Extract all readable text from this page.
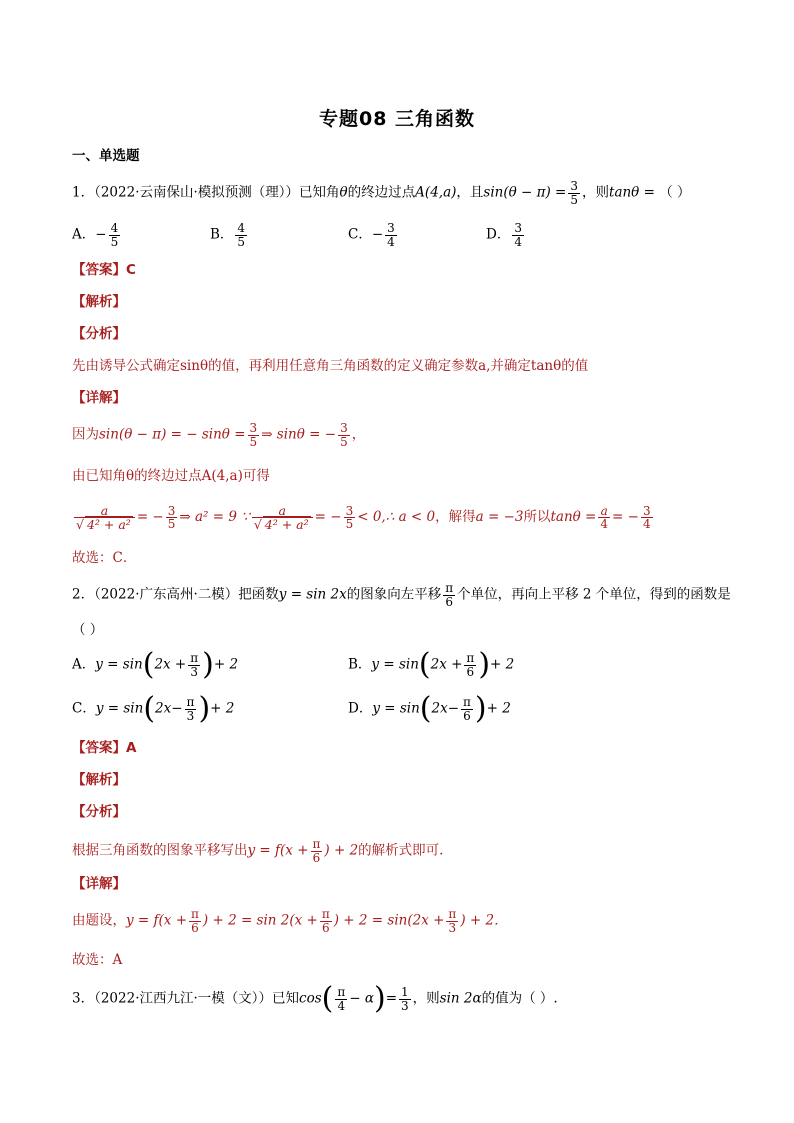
专题08 三角函数
一、单选题
1．（2022·云南保山·模拟预测（理））已知角θ的终边过点A(4,a)，且$\sin(\theta - \pi) = \frac{3}{5}$ ，则tanθ = （ ）
A．− $\frac{4}{5}$	B． $\frac{4}{5}$	C．− $\frac{3}{4}$	D． $\frac{3}{4}$
【答案】C
【解析】
【分析】
先由诱导公式确定sinθ的值，再利用任意角三角函数的定义确定参数a,并确定tanθ的值
【详解】
因为sin(θ − π) = − $\sin\theta = \frac{3}{5}$ ⇒ sinθ = − $\frac{3}{5}$ ，
由已知角θ的终边过点A(4,a)可得
$\frac{a}{\text{√ 4² + a²}}$ = − $\frac{3}{5}$ ⇒ a² = 9 ∵ $\frac{a}{\text{√ 4² + a²}}$ = − $\frac{3}{5}$ < 0,∴ a < 0，解得a = −3所以$\tan\theta = \frac{a}{4}$ = − $\frac{3}{4}$
故选：C．
2．（2022·广东高州·二模）把函数y = sin 2x的图象向左平移 $\frac{\pi}{6}$ 个单位，再向上平移 2 个单位，得到的函数是
（ ）
A．$y = \sin(2x + \frac{\pi}{3}$ )+ 2	B．$y = \sin(2x + \frac{\pi}{6}$ )+ 2
C．$y = \sin(2x- \frac{\pi}{3}$ )+ 2	D．$y = \sin(2x- \frac{\pi}{6}$ )+ 2
【答案】A
【解析】
【分析】
根据三角函数的图象平移写出$y = f(x + \frac{\pi}{6}$ ) + 2的解析式即可.
【详解】
由题设，$y = f(x + \frac{\pi}{6}$ ) + $2 = \sin 2(x + \frac{\pi}{6}$ ) + $2 = \sin(2x + \frac{\pi}{3}$ ) + 2．
故选：A
3．（2022·江西九江·一模（文））已知$\cos( \frac{\pi}{4} - \alpha)= \frac{1}{3}$ ，则sin 2α的值为（ ）.
